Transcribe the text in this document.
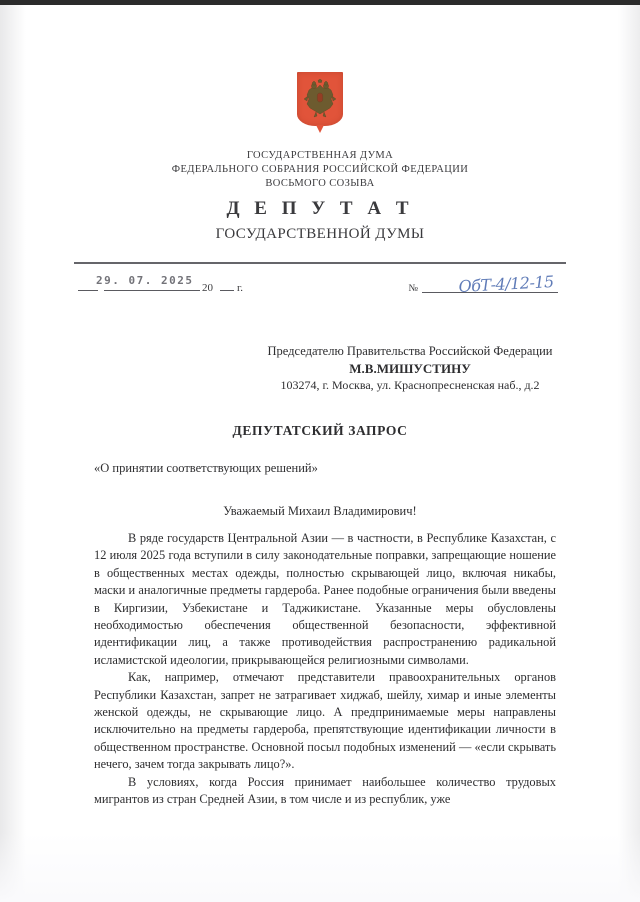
ГОСУДАРСТВЕННАЯ ДУМА
ФЕДЕРАЛЬНОГО СОБРАНИЯ РОССИЙСКОЙ ФЕДЕРАЦИИ
ВОСЬМОГО СОЗЫВА
Д Е П У Т А Т
ГОСУДАРСТВЕННОЙ ДУМЫ
29. 07. 2025
20 г.	№ ОбТ-4/12-15
Председателю Правительства Российской Федерации
М.В.МИШУСТИНУ
103274, г. Москва, ул. Краснопресненская наб., д.2
ДЕПУТАТСКИЙ ЗАПРОС
«О принятии соответствующих решений»
Уважаемый Михаил Владимирович!

В ряде государств Центральной Азии — в частности, в Республике Казахстан, с 12 июля 2025 года вступили в силу законодательные поправки, запрещающие ношение в общественных местах одежды, полностью скрывающей лицо, включая никабы, маски и аналогичные предметы гардероба. Ранее подобные ограничения были введены в Киргизии, Узбекистане и Таджикистане. Указанные меры обусловлены необходимостью обеспечения общественной безопасности, эффективной идентификации лиц, а также противодействия распространению радикальной исламистской идеологии, прикрывающейся религиозными символами.

Как, например, отмечают представители правоохранительных органов Республики Казахстан, запрет не затрагивает хиджаб, шейлу, химар и иные элементы женской одежды, не скрывающие лицо. А предпринимаемые меры направлены исключительно на предметы гардероба, препятствующие идентификации личности в общественном пространстве. Основной посыл подобных изменений — «если скрывать нечего, зачем тогда закрывать лицо?».

В условиях, когда Россия принимает наибольшее количество трудовых мигрантов из стран Средней Азии, в том числе и из республик, уже
